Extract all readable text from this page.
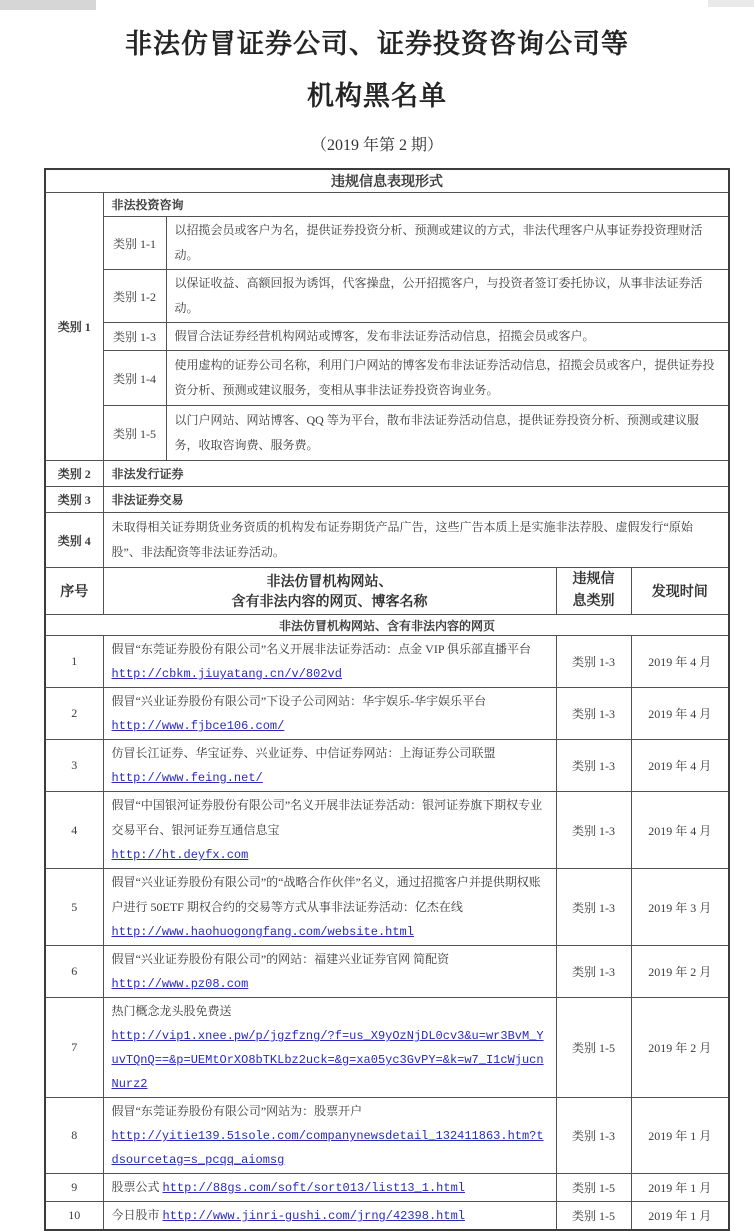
非法仿冒证券公司、证券投资咨询公司等
机构黑名单
（2019 年第 2 期）
违规信息表现形式				
类别 1	非法投资咨询			
	类别 1-1	以招揽会员或客户为名，提供证券投资分析、预测或建议的方式，非法代理客户从事证券投资理财活动。		
	类别 1-2	以保证收益、高额回报为诱饵，代客操盘，公开招揽客户，与投资者签订委托协议，从事非法证券活动。		
	类别 1-3	假冒合法证券经营机构网站或博客，发布非法证券活动信息，招揽会员或客户。		
	类别 1-4	使用虚构的证券公司名称，利用门户网站的博客发布非法证券活动信息，招揽会员或客户，提供证券投资分析、预测或建议服务，变相从事非法证券投资咨询业务。		
	类别 1-5	以门户网站、网站博客、QQ 等为平台，散布非法证券活动信息，提供证券投资分析、预测或建议服务，收取咨询费、服务费。		
类别 2	非法发行证券			
类别 3	非法证券交易			
类别 4	未取得相关证券期货业务资质的机构发布证券期货产品广告，这些广告本质上是实施非法荐股、虚假发行“原始股”、非法配资等非法证券活动。			
序号	非法仿冒机构网站、
含有非法内容的网页、博客名称		违规信息类别	发现时间
非法仿冒机构网站、含有非法内容的网页				
1	假冒“东莞证券股份有限公司”名义开展非法证券活动：点金 VIP 俱乐部直播平台
http://cbkm.jiuyatang.cn/v/802vd		类别 1-3	2019 年 4 月
2	假冒“兴业证券股份有限公司”下设子公司网站：华宇娱乐-华宇娱乐平台
http://www.fjbce106.com/		类别 1-3	2019 年 4 月
3	仿冒长江证券、华宝证券、兴业证券、中信证券网站：上海证券公司联盟
http://www.feing.net/		类别 1-3	2019 年 4 月
4	假冒“中国银河证券股份有限公司”名义开展非法证券活动：银河证券旗下期权专业交易平台、银河证券互通信息宝
http://ht.deyfx.com		类别 1-3	2019 年 4 月
5	假冒“兴业证券股份有限公司”的“战略合作伙伴”名义，通过招揽客户并提供期权账户进行 50ETF 期权合约的交易等方式从事非法证券活动：亿杰在线
http://www.haohuogongfang.com/website.html		类别 1-3	2019 年 3 月
6	假冒“兴业证券股份有限公司”的网站：福建兴业证券官网 简配资
http://www.pz08.com		类别 1-3	2019 年 2 月
7	热门概念龙头股免费送
http://vip1.xnee.pw/p/jgzfzng/?f=us_X9yOzNjDL0cv3&u=wr3BvM_YuvTQnQ==&p=UEMtOrXO8bTKLbz2uck=&g=xa05yc3GvPY=&k=w7_I1cWjucnNurz2		类别 1-5	2019 年 2 月
8	假冒“东莞证券股份有限公司”网站为：股票开户
http://yitie139.51sole.com/companynewsdetail_132411863.htm?tdsourcetag=s_pcqq_aiomsg		类别 1-3	2019 年 1 月
9	股票公式 http://88gs.com/soft/sort013/list13_1.html		类别 1-5	2019 年 1 月
10	今日股市 http://www.jinri-gushi.com/jrng/42398.html		类别 1-5	2019 年 1 月
